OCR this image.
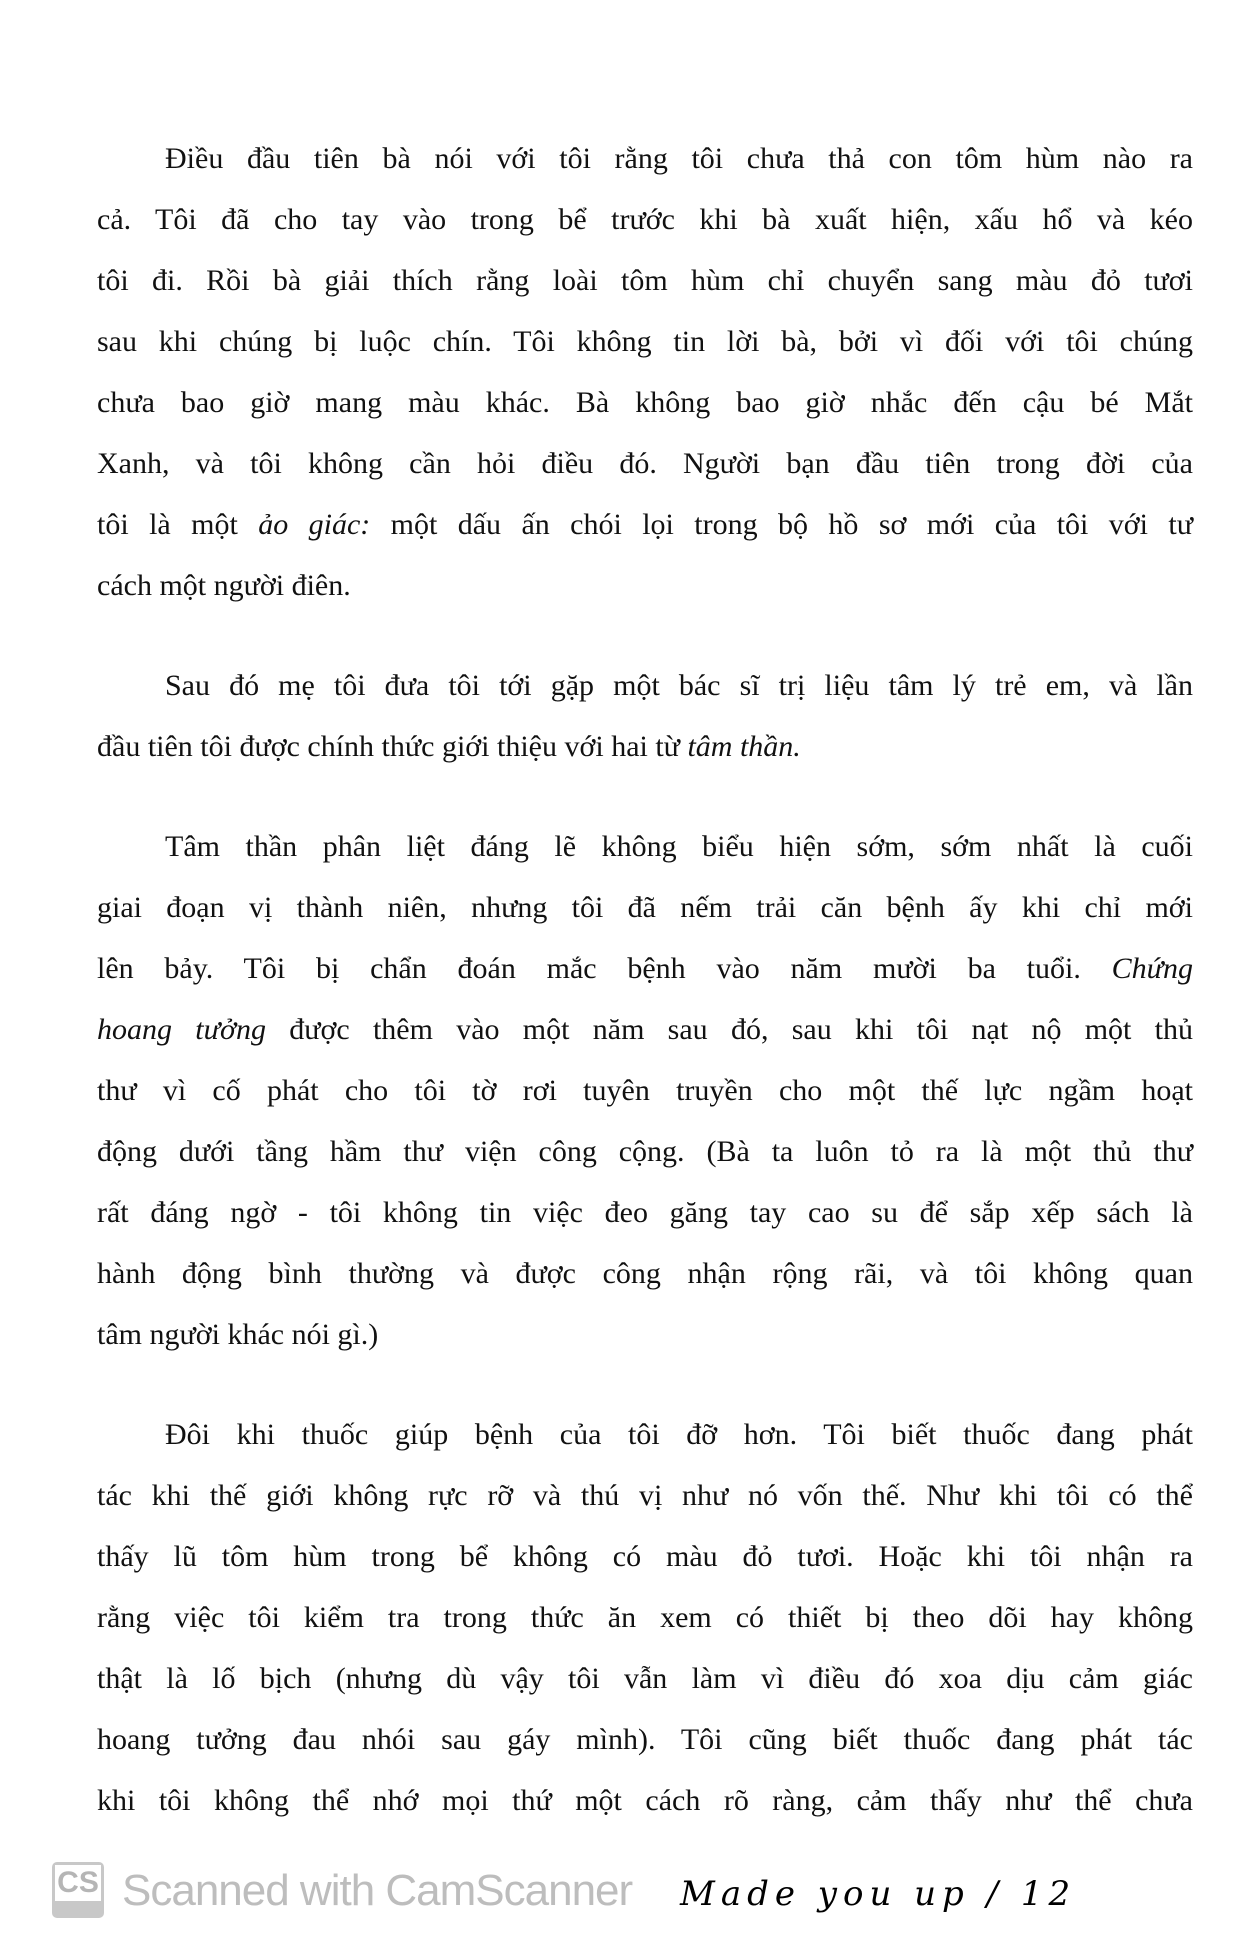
Điều đầu tiên bà nói với tôi rằng tôi chưa thả con tôm hùm nào ra
cả. Tôi đã cho tay vào trong bể trước khi bà xuất hiện, xấu hổ và kéo
tôi đi. Rồi bà giải thích rằng loài tôm hùm chỉ chuyển sang màu đỏ tươi
sau khi chúng bị luộc chín. Tôi không tin lời bà, bởi vì đối với tôi chúng
chưa bao giờ mang màu khác. Bà không bao giờ nhắc đến cậu bé Mắt
Xanh, và tôi không cần hỏi điều đó. Người bạn đầu tiên trong đời của
tôi là một ảo giác: một dấu ấn chói lọi trong bộ hồ sơ mới của tôi với tư
cách một người điên.
Sau đó mẹ tôi đưa tôi tới gặp một bác sĩ trị liệu tâm lý trẻ em, và lần
đầu tiên tôi được chính thức giới thiệu với hai từ tâm thần.
Tâm thần phân liệt đáng lẽ không biểu hiện sớm, sớm nhất là cuối
giai đoạn vị thành niên, nhưng tôi đã nếm trải căn bệnh ấy khi chỉ mới
lên bảy. Tôi bị chẩn đoán mắc bệnh vào năm mười ba tuổi. Chứng
hoang tưởng được thêm vào một năm sau đó, sau khi tôi nạt nộ một thủ
thư vì cố phát cho tôi tờ rơi tuyên truyền cho một thế lực ngầm hoạt
động dưới tầng hầm thư viện công cộng. (Bà ta luôn tỏ ra là một thủ thư
rất đáng ngờ - tôi không tin việc đeo găng tay cao su để sắp xếp sách là
hành động bình thường và được công nhận rộng rãi, và tôi không quan
tâm người khác nói gì.)
Đôi khi thuốc giúp bệnh của tôi đỡ hơn. Tôi biết thuốc đang phát
tác khi thế giới không rực rỡ và thú vị như nó vốn thế. Như khi tôi có thể
thấy lũ tôm hùm trong bể không có màu đỏ tươi. Hoặc khi tôi nhận ra
rằng việc tôi kiểm tra trong thức ăn xem có thiết bị theo dõi hay không
thật là lố bịch (nhưng dù vậy tôi vẫn làm vì điều đó xoa dịu cảm giác
hoang tưởng đau nhói sau gáy mình). Tôi cũng biết thuốc đang phát tác
khi tôi không thể nhớ mọi thứ một cách rõ ràng, cảm thấy như thể chưa
CS Scanned with CamScanner Made you up / 12
